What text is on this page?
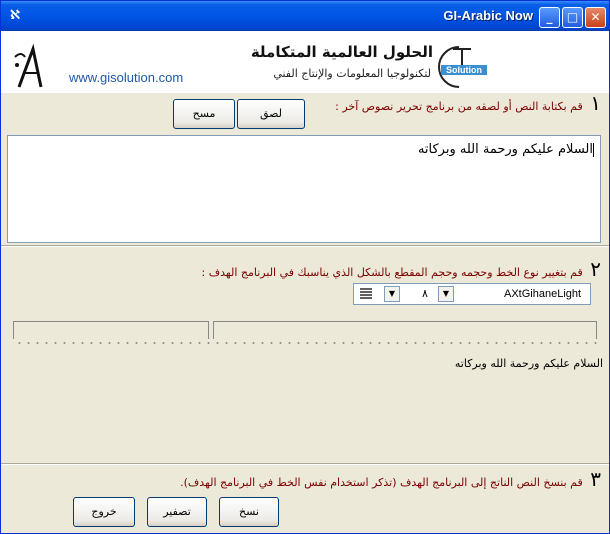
ℵ	GI-Arabic Now	_	□	✕
www.gisolution.com
الحلول العالمية المتكاملة
لتكنولوجيا المعلومات والإنتاج الفني Solution
١ قم بكتابة النص أو لصقه من برنامج تحرير نصوص آخر :
لصق
مسح
السلام عليكم ورحمة الله وبركاته
٢ قم بتغيير نوع الخط وحجمه وحجم المقطع بالشكل الذي يناسبك في البرنامج الهدف :
▼	٨	▼	AXtGihaneLight
السلام عليكم ورحمة الله وبركاته
٣ قم بنسخ النص الناتج إلى البرنامج الهدف (تذكر استخدام نفس الخط في البرنامج الهدف).
نسخ
تصفير
خروج
